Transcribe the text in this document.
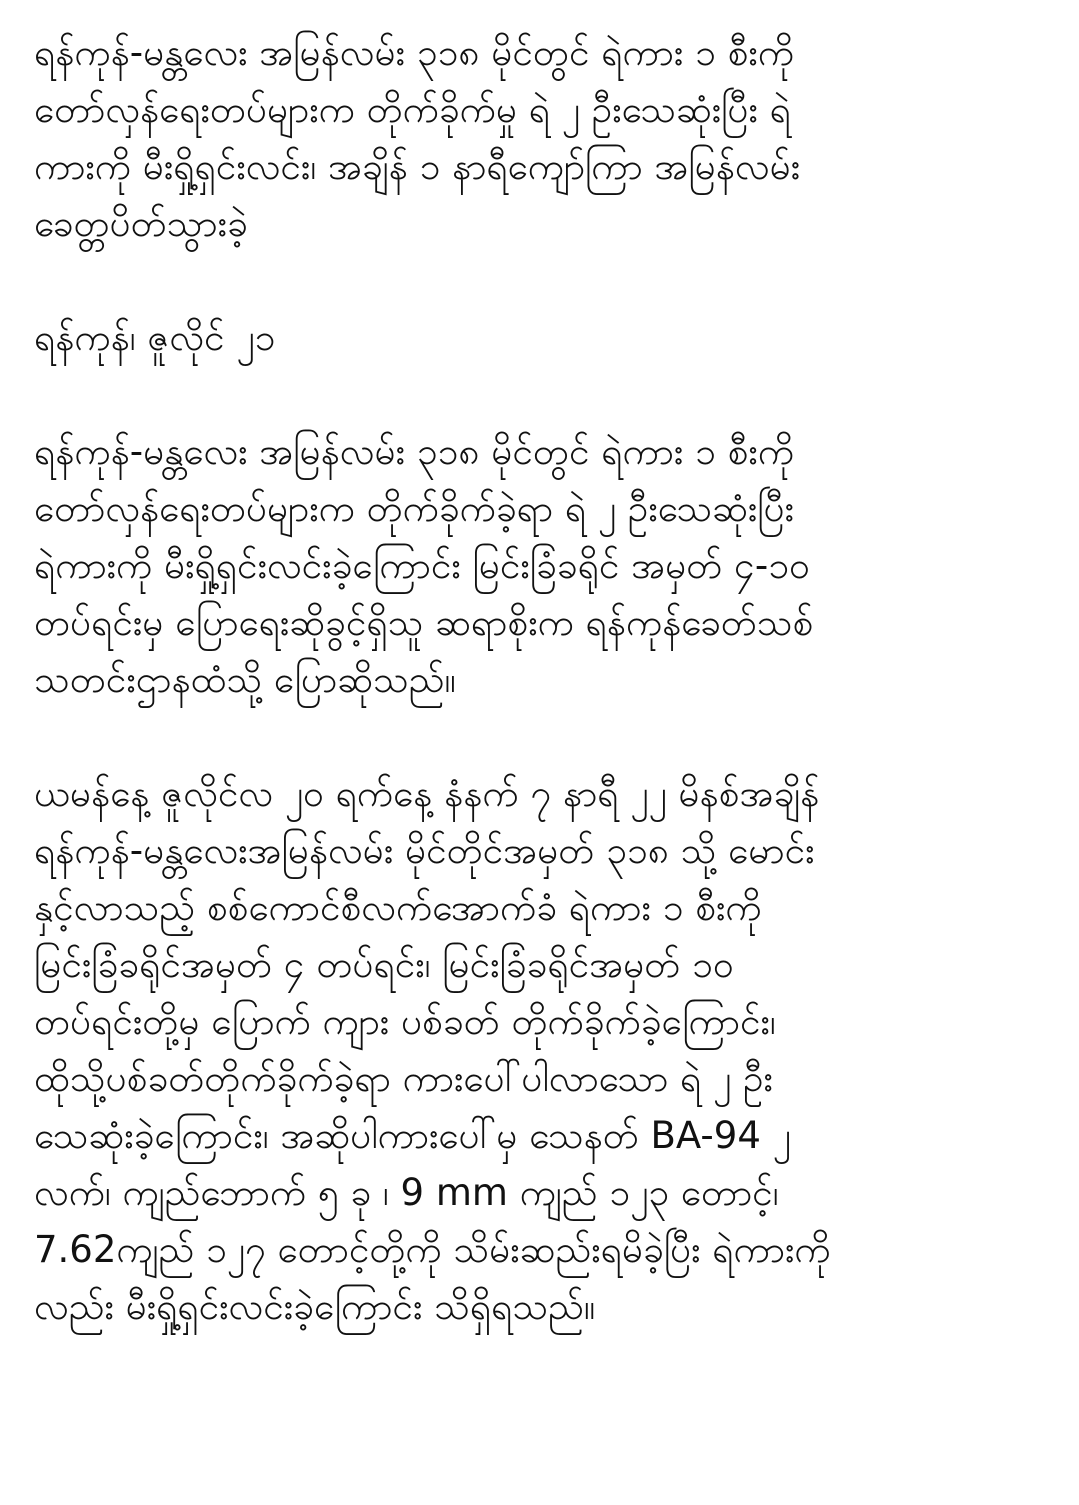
ရန်ကုန်-မန္တလေး အမြန်လမ်း ၃၁၈ မိုင်တွင် ရဲကား ၁ စီးကို
တော်လှန်ရေးတပ်များက တိုက်ခိုက်မှု ရဲ ၂ ဦးသေဆုံးပြီး ရဲ
ကားကို မီးရှို့ရှင်းလင်း၊ အချိန် ၁ နာရီကျော်ကြာ အမြန်လမ်း
ခေတ္တပိတ်သွားခဲ့
ရန်ကုန်၊ ဇူလိုင် ၂၁
ရန်ကုန်-မန္တလေး အမြန်လမ်း ၃၁၈ မိုင်တွင် ရဲကား ၁ စီးကို
တော်လှန်ရေးတပ်များက တိုက်ခိုက်ခဲ့ရာ ရဲ ၂ ဦးသေဆုံးပြီး
ရဲကားကို မီးရှို့ရှင်းလင်းခဲ့ကြောင်း မြင်းခြံခရိုင် အမှတ် ၄-၁၀
တပ်ရင်းမှ ပြောရေးဆိုခွင့်ရှိသူ ဆရာစိုးက ရန်ကုန်ခေတ်သစ်
သတင်းဌာနထံသို့ ပြောဆိုသည်။
ယမန်နေ့ ဇူလိုင်လ ၂၀ ရက်နေ့ နံနက် ၇ နာရီ ၂၂ မိနစ်အချိန်
ရန်ကုန်-မန္တလေးအမြန်လမ်း မိုင်တိုင်အမှတ် ၃၁၈ သို့ မောင်း
နှင့်လာသည့် စစ်ကောင်စီလက်အောက်ခံ ရဲကား ၁ စီးကို
မြင်းခြံခရိုင်အမှတ် ၄ တပ်ရင်း၊ မြင်းခြံခရိုင်အမှတ် ၁၀
တပ်ရင်းတို့မှ ပြောက် ကျား ပစ်ခတ် တိုက်ခိုက်ခဲ့ကြောင်း၊
ထိုသို့ပစ်ခတ်တိုက်ခိုက်ခဲ့ရာ ကားပေါ်ပါလာသော ရဲ ၂ ဦး
သေဆုံးခဲ့ကြောင်း၊ အဆိုပါကားပေါ်မှ သေနတ် BA-94 ၂
လက်၊ ကျည်ဘောက် ၅ ခု ၊ 9 mm ကျည် ၁၂၃ တောင့်၊
7.62ကျည် ၁၂၇ တောင့်တို့ကို သိမ်းဆည်းရမိခဲ့ပြီး ရဲကားကို
လည်း မီးရှို့ရှင်းလင်းခဲ့ကြောင်း သိရှိရသည်။
